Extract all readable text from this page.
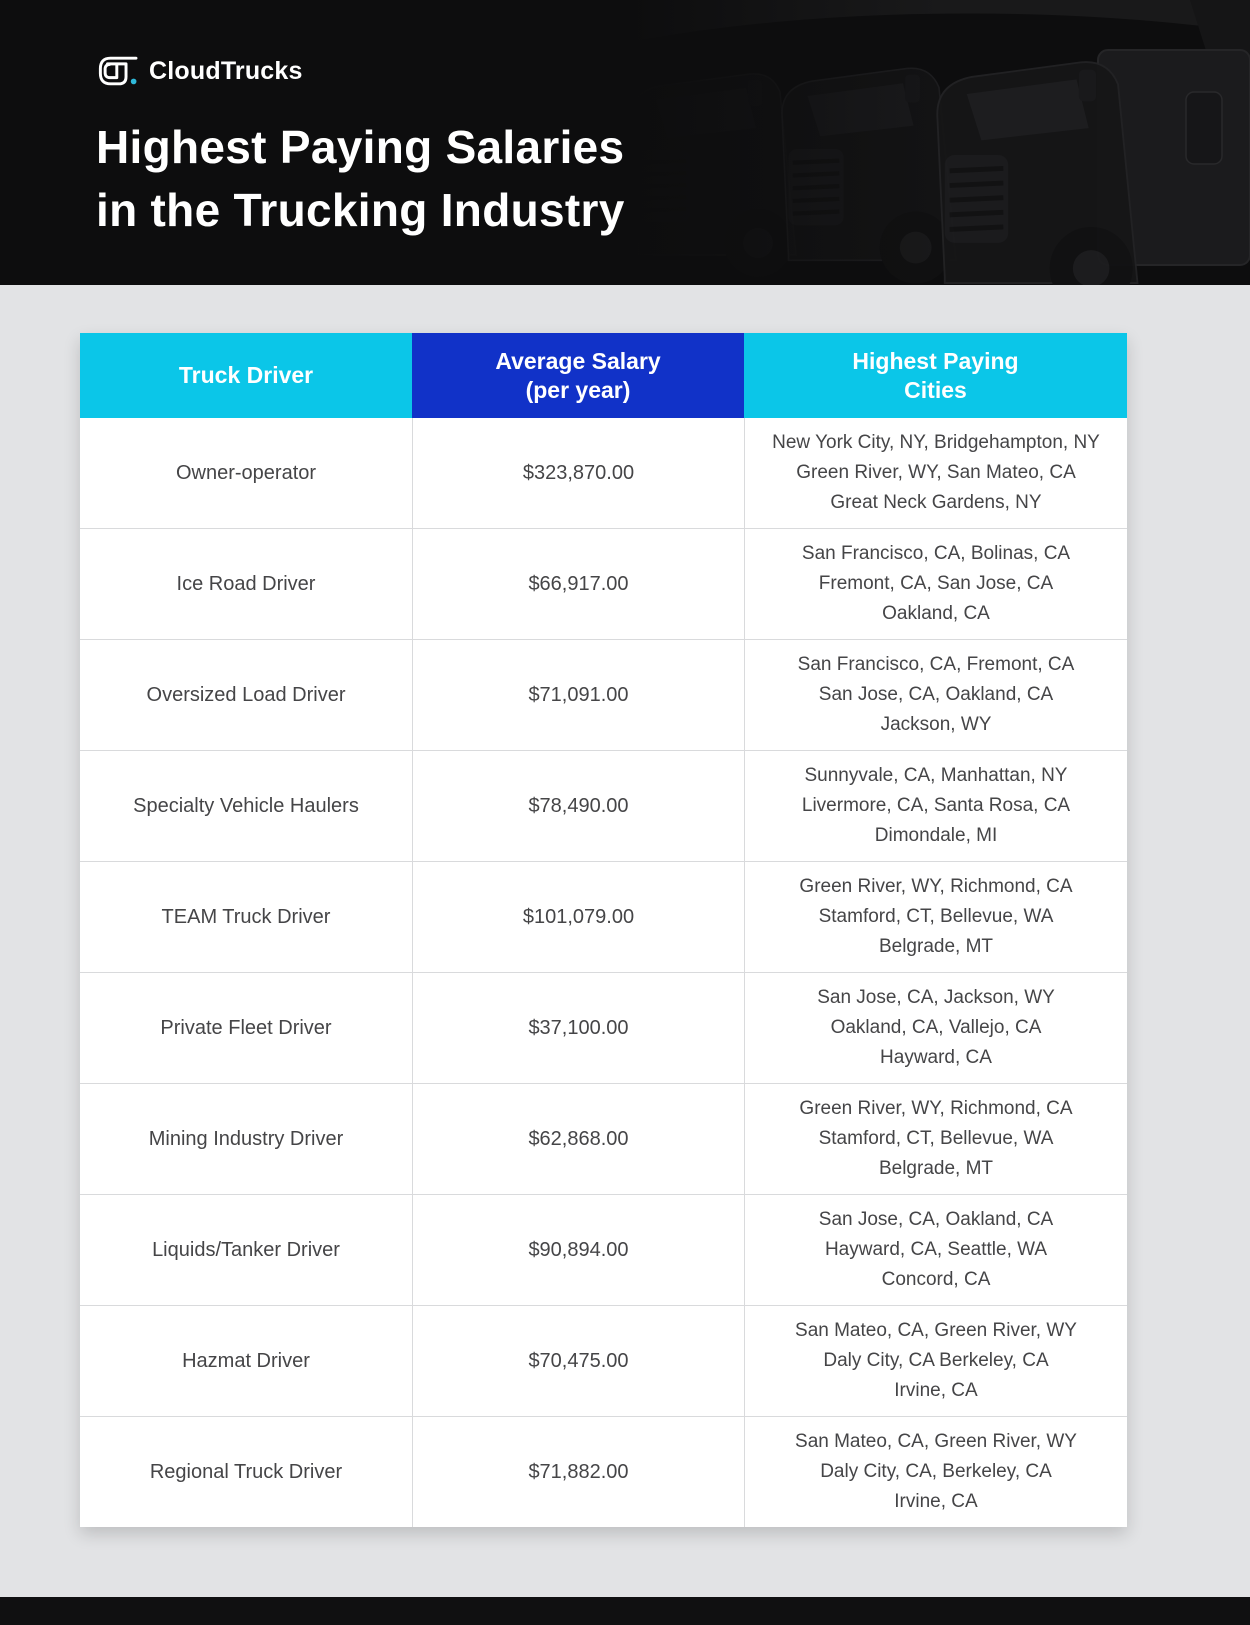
CloudTrucks
Highest Paying Salaries
in the Trucking Industry
Truck Driver
Average Salary
(per year)
Highest Paying
Cities
Owner-operator	$323,870.00
New York City, NY, Bridgehampton, NY
Green River, WY, San Mateo, CA
Great Neck Gardens, NY
Ice Road Driver	$66,917.00
San Francisco, CA, Bolinas, CA
Fremont, CA, San Jose, CA
Oakland, CA
Oversized Load Driver	$71,091.00
San Francisco, CA, Fremont, CA
San Jose, CA, Oakland, CA
Jackson, WY
Specialty Vehicle Haulers	$78,490.00
Sunnyvale, CA, Manhattan, NY
Livermore, CA, Santa Rosa, CA
Dimondale, MI
TEAM Truck Driver	$101,079.00
Green River, WY, Richmond, CA
Stamford, CT, Bellevue, WA
Belgrade, MT
Private Fleet Driver	$37,100.00
San Jose, CA, Jackson, WY
Oakland, CA, Vallejo, CA
Hayward, CA
Mining Industry Driver	$62,868.00
Green River, WY, Richmond, CA
Stamford, CT, Bellevue, WA
Belgrade, MT
Liquids/Tanker Driver	$90,894.00
San Jose, CA, Oakland, CA
Hayward, CA, Seattle, WA
Concord, CA
Hazmat Driver	$70,475.00
San Mateo, CA, Green River, WY
Daly City, CA Berkeley, CA
Irvine, CA
Regional Truck Driver	$71,882.00
San Mateo, CA, Green River, WY
Daly City, CA, Berkeley, CA
Irvine, CA
